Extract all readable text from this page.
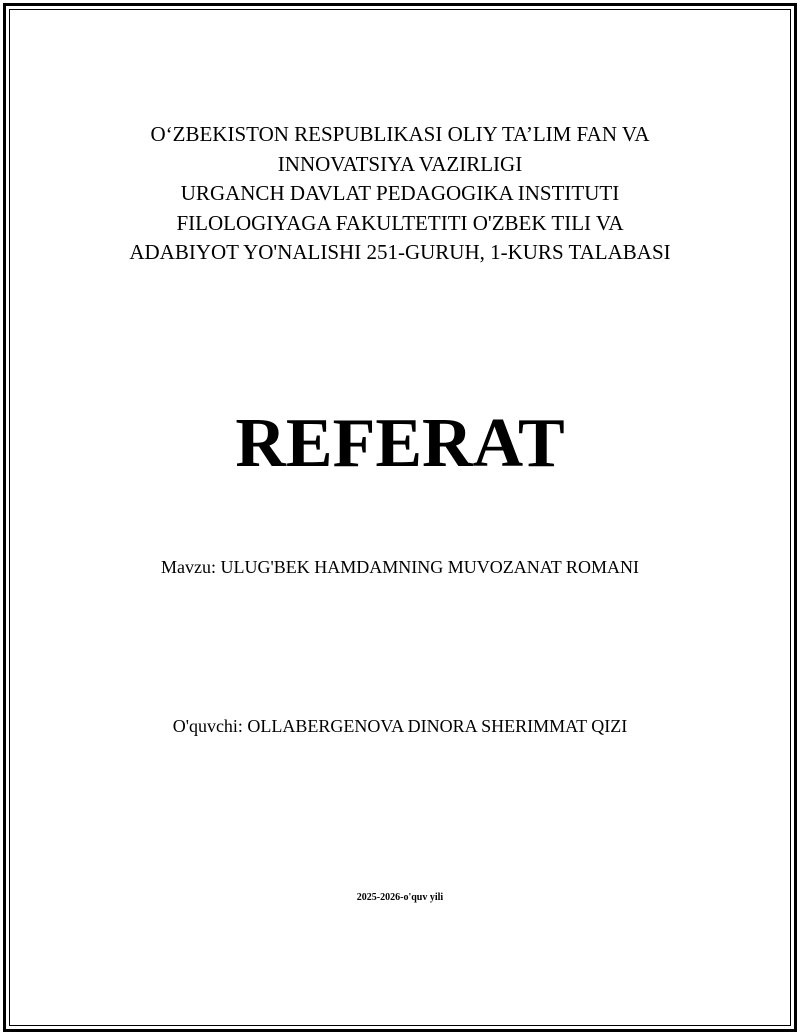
O‘ZBEKISTON RESPUBLIKASI OLIY TA’LIM FAN VA
INNOVATSIYA VAZIRLIGI
URGANCH DAVLAT PEDAGOGIKA INSTITUTI
FILOLOGIYAGA FAKULTETITI O'ZBEK TILI VA
ADABIYOT YO'NALISHI 251-GURUH, 1-KURS TALABASI
REFERAT
Mavzu: ULUG'BEK HAMDAMNING MUVOZANAT ROMANI
O'quvchi: OLLABERGENOVA DINORA SHERIMMAT QIZI
2025-2026-o'quv yili
